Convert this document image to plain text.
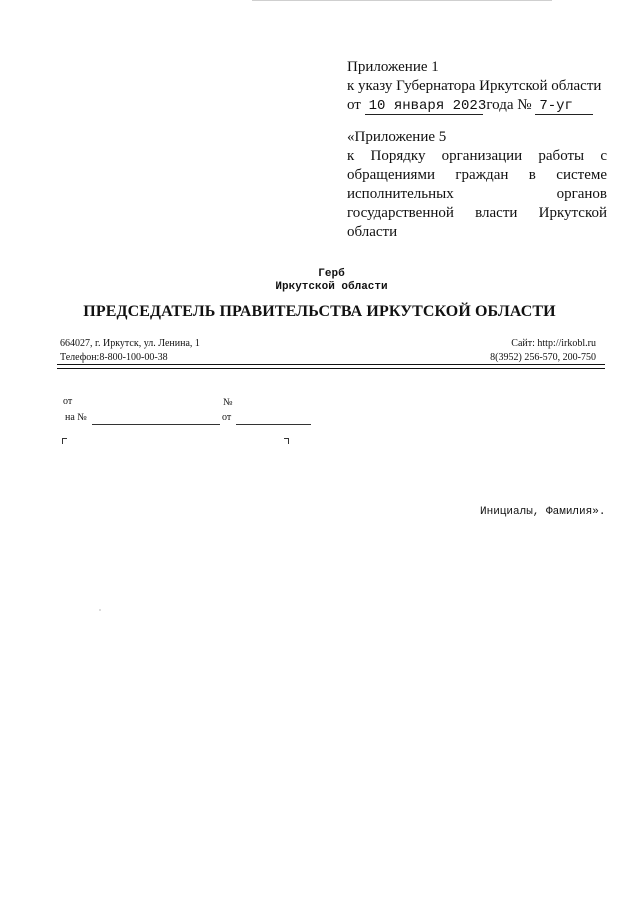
Приложение 1
к указу Губернатора Иркутской области
от 10 января 2023 года № 7-уг
«Приложение 5
к Порядку организации работы с
обращениями граждан в системе
исполнительных органов
государственной власти Иркутской
области
Герб
Иркутской области
ПРЕДСЕДАТЕЛЬ ПРАВИТЕЛЬСТВА ИРКУТСКОЙ ОБЛАСТИ
664027, г. Иркутск, ул. Ленина, 1
Телефон:8-800-100-00-38
Сайт: http://irkobl.ru
8(3952) 256-570, 200-750
от
на №
№
от
Инициалы, Фамилия».
